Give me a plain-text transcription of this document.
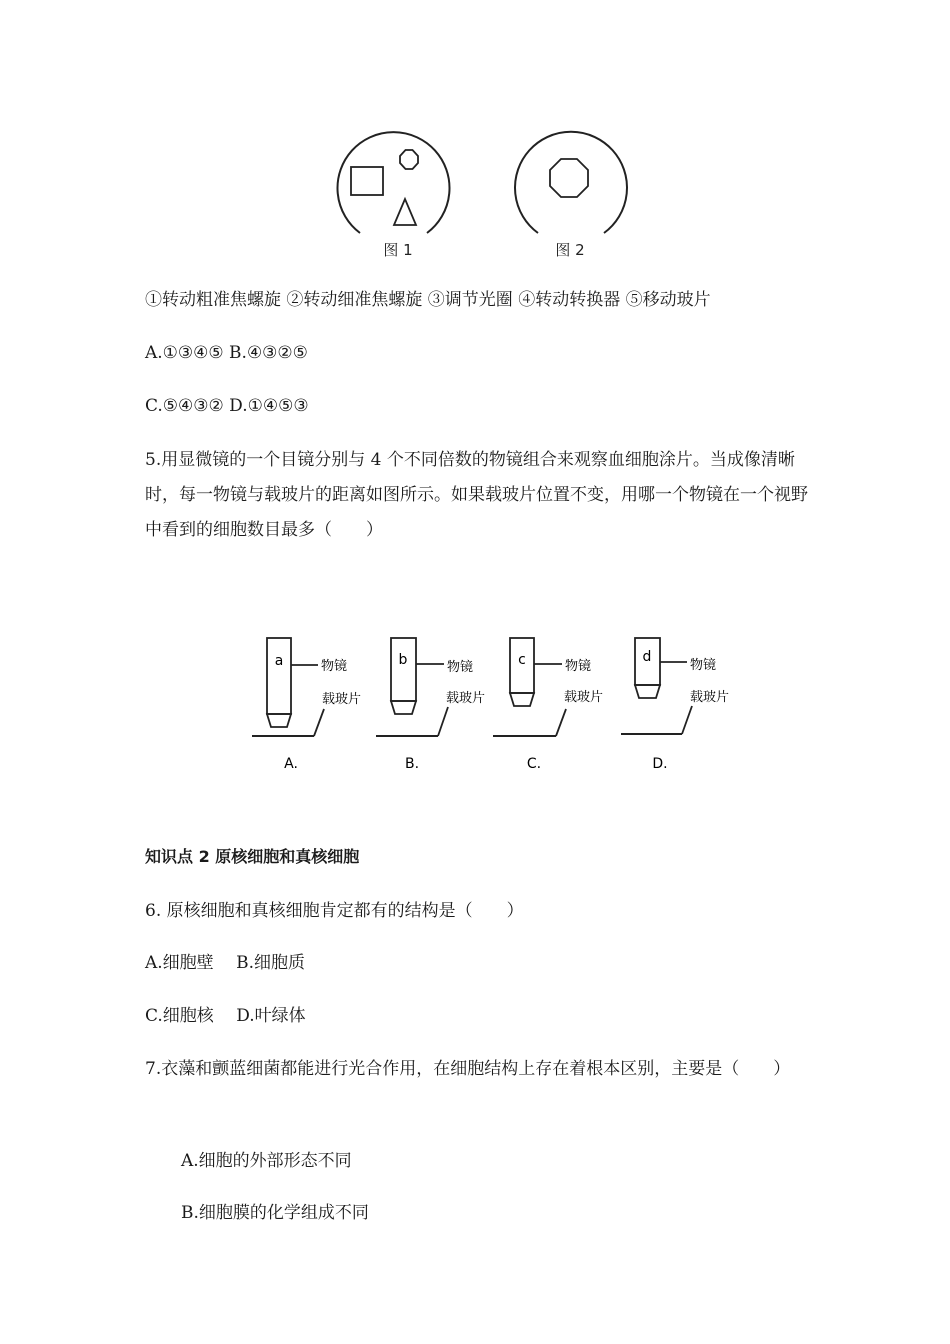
图 1	图 2
①转动粗准焦螺旋 ②转动细准焦螺旋 ③调节光圈 ④转动转换器 ⑤移动玻片
A.①③④⑤ B.④③②⑤
C.⑤④③② D.①④⑤③
5.用显微镜的一个目镜分别与 4 个不同倍数的物镜组合来观察血细胞涂片。当成像清晰时，每一物镜与载玻片的距离如图所示。如果载玻片位置不变，用哪一个物镜在一个视野中看到的细胞数目最多（　　）
a	物镜
载玻片
A.
b	物镜
载玻片
B.
c	物镜
载玻片
C.
d
物镜
载玻片
D.
知识点 2 原核细胞和真核细胞
6. 原核细胞和真核细胞肯定都有的结构是（　　）
A.细胞壁　 B.细胞质
C.细胞核　 D.叶绿体
7.衣藻和颤蓝细菌都能进行光合作用，在细胞结构上存在着根本区别，主要是（　　）
A.细胞的外部形态不同
B.细胞膜的化学组成不同
